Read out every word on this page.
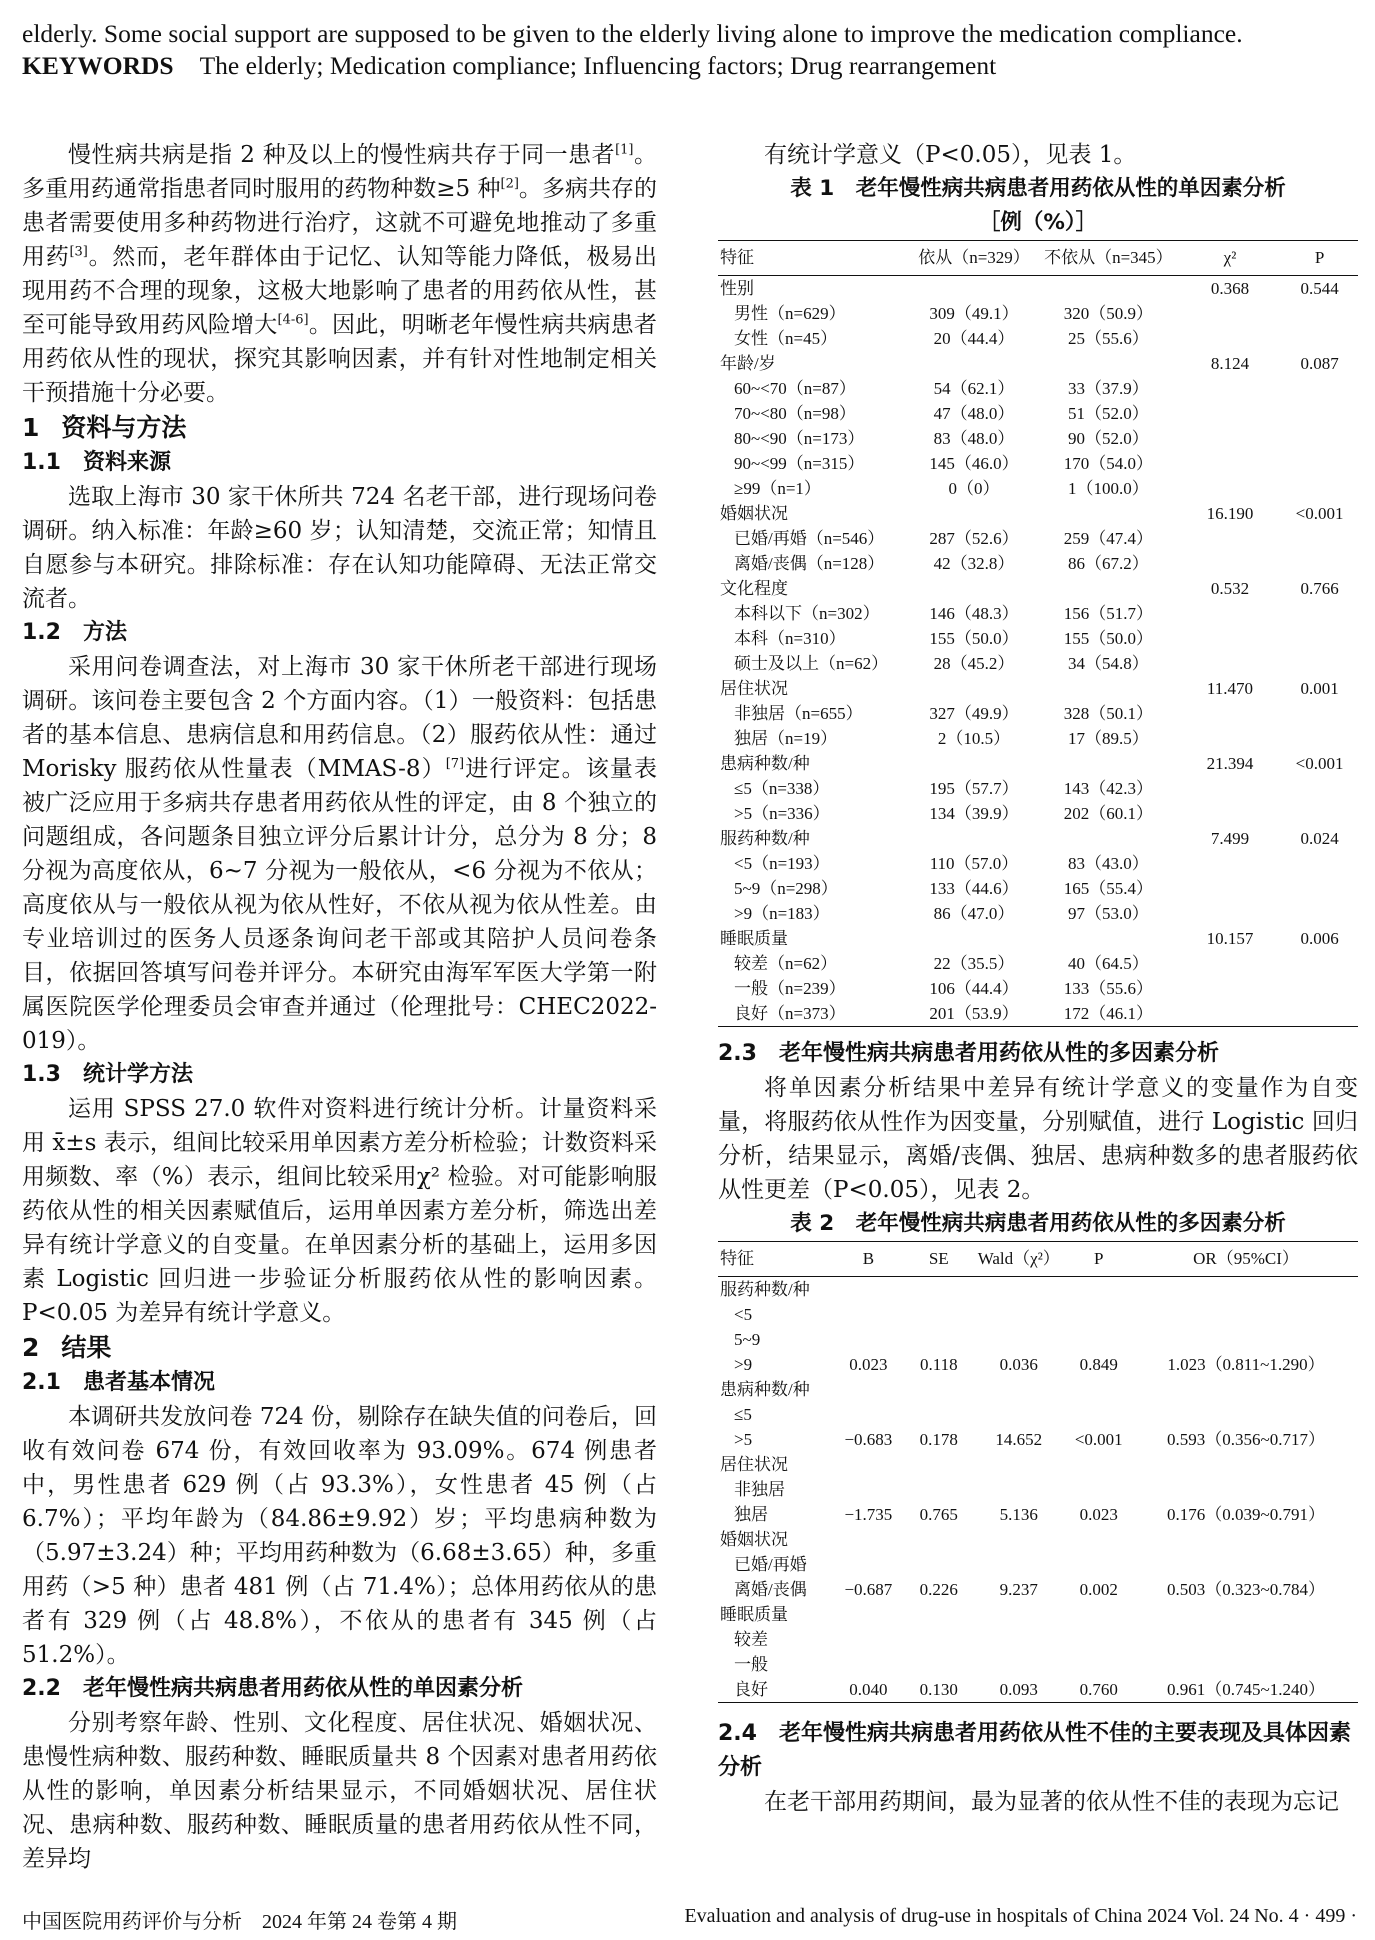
elderly. Some social support are supposed to be given to the elderly living alone to improve the medication compliance.
KEYWORDS The elderly; Medication compliance; Influencing factors; Drug rearrangement

慢性病共病是指 2 种及以上的慢性病共存于同一患者[1]。多重用药通常指患者同时服用的药物种数≥5 种[2]。多病共存的患者需要使用多种药物进行治疗，这就不可避免地推动了多重用药[3]。然而，老年群体由于记忆、认知等能力降低，极易出现用药不合理的现象，这极大地影响了患者的用药依从性，甚至可能导致用药风险增大[4-6]。因此，明晰老年慢性病共病患者用药依从性的现状，探究其影响因素，并有针对性地制定相关干预措施十分必要。

1 资料与方法

1.1 资料来源

选取上海市 30 家干休所共 724 名老干部，进行现场问卷调研。纳入标准：年龄≥60 岁；认知清楚，交流正常；知情且自愿参与本研究。排除标准：存在认知功能障碍、无法正常交流者。

1.2 方法

采用问卷调查法，对上海市 30 家干休所老干部进行现场调研。该问卷主要包含 2 个方面内容。（1）一般资料：包括患者的基本信息、患病信息和用药信息。（2）服药依从性：通过 Morisky 服药依从性量表（MMAS-8）[7]进行评定。该量表被广泛应用于多病共存患者用药依从性的评定，由 8 个独立的问题组成，各问题条目独立评分后累计计分，总分为 8 分；8 分视为高度依从，6~7 分视为一般依从，<6 分视为不依从；高度依从与一般依从视为依从性好，不依从视为依从性差。由专业培训过的医务人员逐条询问老干部或其陪护人员问卷条目，依据回答填写问卷并评分。本研究由海军军医大学第一附属医院医学伦理委员会审查并通过（伦理批号：CHEC2022-019）。

1.3 统计学方法

运用 SPSS 27.0 软件对资料进行统计分析。计量资料采用 x̄±s 表示，组间比较采用单因素方差分析检验；计数资料采用频数、率（%）表示，组间比较采用χ² 检验。对可能影响服药依从性的相关因素赋值后，运用单因素方差分析，筛选出差异有统计学意义的自变量。在单因素分析的基础上，运用多因素 Logistic 回归进一步验证分析服药依从性的影响因素。P<0.05 为差异有统计学意义。

2 结果

2.1 患者基本情况

本调研共发放问卷 724 份，剔除存在缺失值的问卷后，回收有效问卷 674 份，有效回收率为 93.09%。674 例患者中，男性患者 629 例（占 93.3%），女性患者 45 例（占 6.7%）；平均年龄为（84.86±9.92）岁；平均患病种数为（5.97±3.24）种；平均用药种数为（6.68±3.65）种，多重用药（>5 种）患者 481 例（占 71.4%）；总体用药依从的患者有 329 例（占 48.8%），不依从的患者有 345 例（占 51.2%）。

2.2 老年慢性病共病患者用药依从性的单因素分析

分别考察年龄、性别、文化程度、居住状况、婚姻状况、患慢性病种数、服药种数、睡眠质量共 8 个因素对患者用药依从性的影响，单因素分析结果显示，不同婚姻状况、居住状况、患病种数、服药种数、睡眠质量的患者用药依从性不同，差异均

有统计学意义（P<0.05），见表 1。

表 1　老年慢性病共病患者用药依从性的单因素分析

［例（%）］

特征	依从（n=329）	不依从（n=345）	χ²	P
性别			0.368	0.544
男性（n=629）	309（49.1）	320（50.9）		
女性（n=45）	20（44.4）	25（55.6）		
年龄/岁			8.124	0.087
60~<70（n=87）	54（62.1）	33（37.9）		
70~<80（n=98）	47（48.0）	51（52.0）		
80~<90（n=173）	83（48.0）	90（52.0）		
90~<99（n=315）	145（46.0）	170（54.0）		
≥99（n=1）	0（0）	1（100.0）		
婚姻状况			16.190	<0.001
已婚/再婚（n=546）	287（52.6）	259（47.4）		
离婚/丧偶（n=128）	42（32.8）	86（67.2）		
文化程度			0.532	0.766
本科以下（n=302）	146（48.3）	156（51.7）		
本科（n=310）	155（50.0）	155（50.0）		
硕士及以上（n=62）	28（45.2）	34（54.8）		
居住状况			11.470	0.001
非独居（n=655）	327（49.9）	328（50.1）		
独居（n=19）	2（10.5）	17（89.5）		
患病种数/种			21.394	<0.001
≤5（n=338）	195（57.7）	143（42.3）		
>5（n=336）	134（39.9）	202（60.1）		
服药种数/种			7.499	0.024
<5（n=193）	110（57.0）	83（43.0）		
5~9（n=298）	133（44.6）	165（55.4）		
>9（n=183）	86（47.0）	97（53.0）		
睡眠质量			10.157	0.006
较差（n=62）	22（35.5）	40（64.5）		
一般（n=239）	106（44.4）	133（55.6）		
良好（n=373）	201（53.9）	172（46.1）		

2.3 老年慢性病共病患者用药依从性的多因素分析

将单因素分析结果中差异有统计学意义的变量作为自变量，将服药依从性作为因变量，分别赋值，进行 Logistic 回归分析，结果显示，离婚/丧偶、独居、患病种数多的患者服药依从性更差（P<0.05），见表 2。

表 2　老年慢性病共病患者用药依从性的多因素分析

特征	B	SE	Wald（χ²）	P	OR（95%CI）
服药种数/种					
<5					
5~9					
>9	0.023	0.118	0.036	0.849	1.023（0.811~1.290）
患病种数/种					
≤5					
>5	−0.683	0.178	14.652	<0.001	0.593（0.356~0.717）
居住状况					
非独居					
独居	−1.735	0.765	5.136	0.023	0.176（0.039~0.791）
婚姻状况					
已婚/再婚					
离婚/丧偶	−0.687	0.226	9.237	0.002	0.503（0.323~0.784）
睡眠质量					
较差					
一般					
良好	0.040	0.130	0.093	0.760	0.961（0.745~1.240）

2.4 老年慢性病共病患者用药依从性不佳的主要表现及具体因素分析

在老干部用药期间，最为显著的依从性不佳的表现为忘记

中国医院用药评价与分析　2024 年第 24 卷第 4 期	Evaluation and analysis of drug-use in hospitals of China 2024 Vol. 24 No. 4 · 499 ·
